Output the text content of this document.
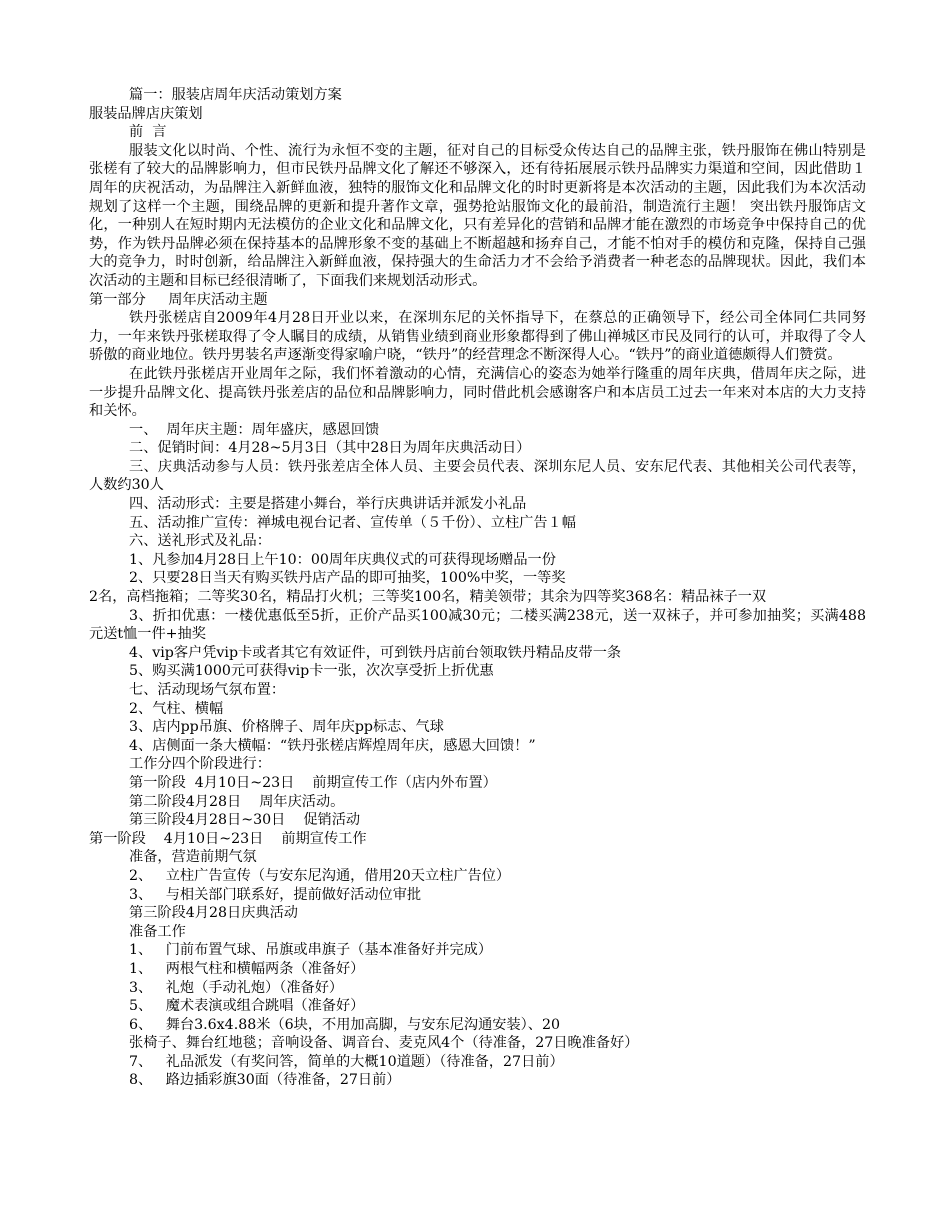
篇一：服装店周年庆活动策划方案
服装品牌店庆策划
前  言
服装文化以时尚、个性、流行为永恒不变的主题，征对自己的目标受众传达自己的品牌主张，铁丹服饰在佛山特别是张槎有了较大的品牌影响力，但市民铁丹品牌文化了解还不够深入，还有待拓展展示铁丹品牌实力渠道和空间，因此借助１周年的庆祝活动，为品牌注入新鲜血液，独特的服饰文化和品牌文化的时时更新将是本次活动的主题，因此我们为本次活动规划了这样一个主题，围绕品牌的更新和提升著作文章，强势抢站服饰文化的最前沿，制造流行主题！ 突出铁丹服饰店文化，一种别人在短时期内无法模仿的企业文化和品牌文化，只有差异化的营销和品牌才能在激烈的市场竞争中保持自己的优势，作为铁丹品牌必须在保持基本的品牌形象不变的基础上不断超越和扬弃自己，才能不怕对手的模仿和克隆，保持自己强大的竞争力，时时创新，给品牌注入新鲜血液，保持强大的生命活力才不会给予消费者一种老态的品牌现状。因此，我们本次活动的主题和目标已经很清晰了，下面我们来规划活动形式。
第一部分     周年庆活动主题
铁丹张槎店自2009年4月28日开业以来，在深圳东尼的关怀指导下，在蔡总的正确领导下，经公司全体同仁共同努力，一年来铁丹张槎取得了令人瞩目的成绩，从销售业绩到商业形象都得到了佛山禅城区市民及同行的认可，并取得了令人骄傲的商业地位。铁丹男装名声逐渐变得家喻户晓，“铁丹”的经营理念不断深得人心。“铁丹”的商业道德颇得人们赞赏。
在此铁丹张槎店开业周年之际，我们怀着激动的心情，充满信心的姿态为她举行隆重的周年庆典，借周年庆之际，进一步提升品牌文化、提高铁丹张差店的品位和品牌影响力，同时借此机会感谢客户和本店员工过去一年来对本店的大力支持和关怀。
一、  周年庆主题：周年盛庆，感恩回馈
二、促销时间：4月28~5月3日（其中28日为周年庆典活动日）
三、庆典活动参与人员：铁丹张差店全体人员、主要会员代表、深圳东尼人员、安东尼代表、其他相关公司代表等，人数约30人
四、活动形式：主要是搭建小舞台，举行庆典讲话并派发小礼品
五、活动推广宣传：禅城电视台记者、宣传单（５千份）、立柱广告１幅
六、送礼形式及礼品：
1、凡参加4月28日上午10：00周年庆典仪式的可获得现场赠品一份
2、只要28日当天有购买铁丹店产品的即可抽奖，100%中奖，一等奖
2名，高档拖箱；二等奖30名，精品打火机；三等奖100名，精美领带；其余为四等奖368名：精品袜子一双
3、折扣优惠：一楼优惠低至5折，正价产品买100减30元；二楼买满238元，送一双袜子，并可参加抽奖；买满488元送t恤一件+抽奖
4、vip客户凭vip卡或者其它有效证件，可到铁丹店前台领取铁丹精品皮带一条
5、购买满1000元可获得vip卡一张，次次享受折上折优惠
七、活动现场气氛布置：
2、气柱、横幅
3、店内pp吊旗、价格牌子、周年庆pp标志、气球
4、店侧面一条大横幅：“铁丹张槎店辉煌周年庆，感恩大回馈！”
工作分四个阶段进行：
第一阶段  4月10日~23日    前期宣传工作（店内外布置）
第二阶段4月28日    周年庆活动。
第三阶段4月28日~30日    促销活动
第一阶段    4月10日~23日    前期宣传工作
准备，营造前期气氛
2、   立柱广告宣传（与安东尼沟通，借用20天立柱广告位）
3、   与相关部门联系好，提前做好活动位审批
第三阶段4月28日庆典活动
准备工作
1、   门前布置气球、吊旗或串旗子（基本准备好并完成）
1、   两根气柱和横幅两条（准备好）
3、   礼炮（手动礼炮）（准备好）
5、   魔术表演或组合跳唱（准备好）
6、   舞台3.6x4.88米（6块，不用加高脚，与安东尼沟通安装）、20
张椅子、舞台红地毯；音响设备、调音台、麦克风4个（待准备，27日晚准备好）
7、   礼品派发（有奖问答，简单的大概10道题）（待准备，27日前）
8、   路边插彩旗30面（待准备，27日前）
